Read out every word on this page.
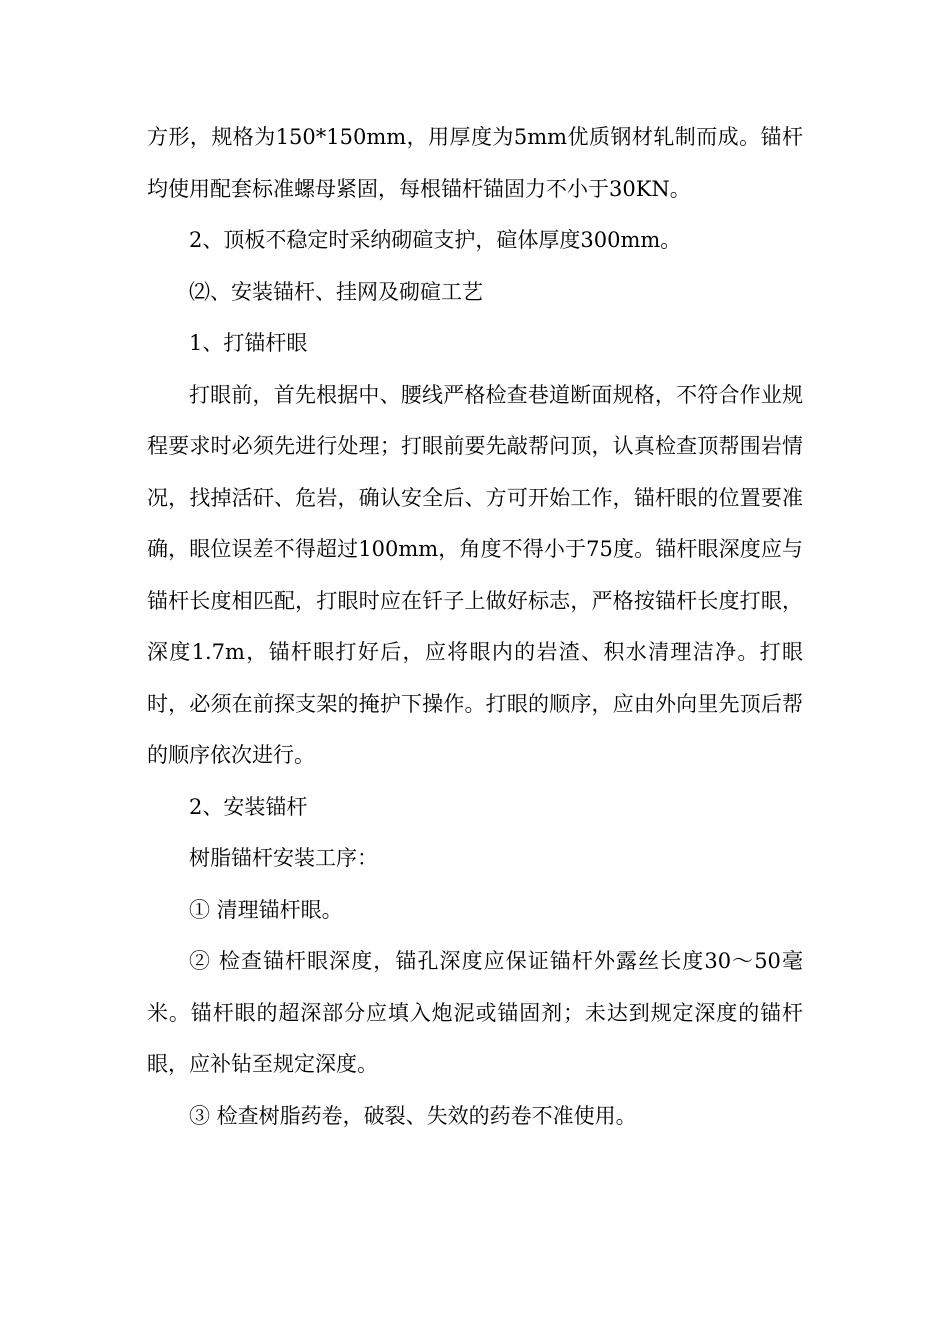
方形，规格为150*150mm，用厚度为5mm优质钢材轧制而成。锚杆均使用配套标准螺母紧固，每根锚杆锚固力不小于30KN。

2、顶板不稳定时采纳砌碹支护，碹体厚度300mm。

⑵、安装锚杆、挂网及砌碹工艺

1、打锚杆眼

打眼前，首先根据中、腰线严格检查巷道断面规格，不符合作业规程要求时必须先进行处理；打眼前要先敲帮问顶，认真检查顶帮围岩情况，找掉活矸、危岩，确认安全后、方可开始工作，锚杆眼的位置要准确，眼位误差不得超过100mm，角度不得小于75度。锚杆眼深度应与锚杆长度相匹配，打眼时应在钎子上做好标志，严格按锚杆长度打眼，深度1.7m，锚杆眼打好后，应将眼内的岩渣、积水清理洁净。打眼时，必须在前探支架的掩护下操作。打眼的顺序，应由外向里先顶后帮的顺序依次进行。

2、安装锚杆

树脂锚杆安装工序：

① 清理锚杆眼。

② 检查锚杆眼深度，锚孔深度应保证锚杆外露丝长度30～50毫米。锚杆眼的超深部分应填入炮泥或锚固剂；未达到规定深度的锚杆眼，应补钻至规定深度。

③ 检查树脂药卷，破裂、失效的药卷不准使用。
